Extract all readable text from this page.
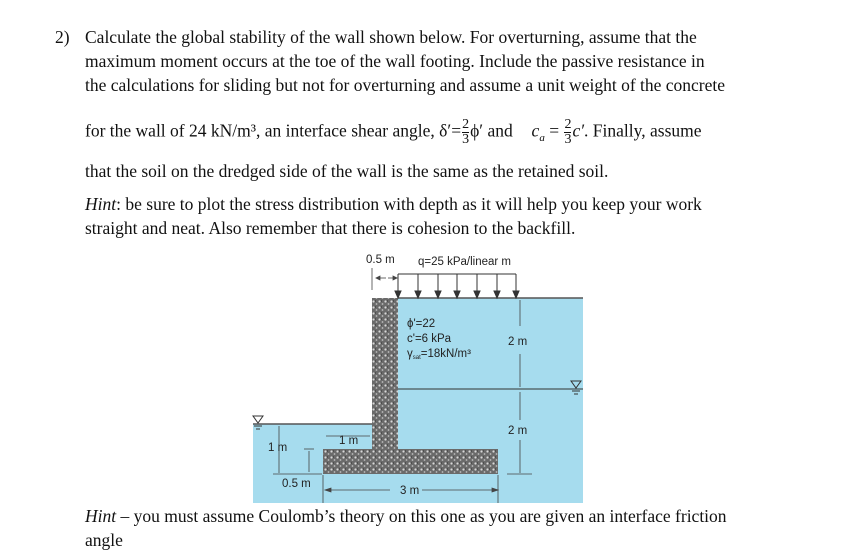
2) Calculate the global stability of the wall shown below. For overturning, assume that the
maximum moment occurs at the toe of the wall footing. Include the passive resistance in
the calculations for sliding but not for overturning and assume a unit weight of the concrete
for the wall of 24 kN/m³, an interface shear angle, $\delta'= \frac{2}{3} \phi'$ and $c_a = \frac{2}{3} c'$. Finally, assume
that the soil on the dredged side of the wall is the same as the retained soil.
Hint: be sure to plot the stress distribution with depth as it will help you keep your work
straight and neat. Also remember that there is cohesion to the backfill.
0.5 m q=25 kPa/linear m
ϕ'=22
c'=6 kPa
γsat=18kN/m³
2 m
2 m
1 m
1 m
0.5 m
3 m
Hint – you must assume Coulomb’s theory on this one as you are given an interface friction
angle
